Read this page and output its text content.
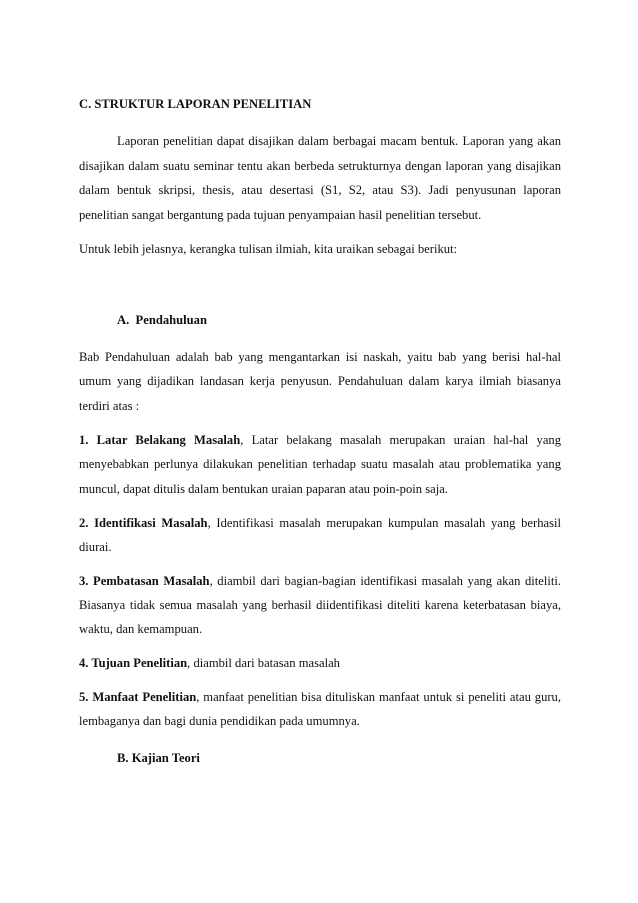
C. STRUKTUR LAPORAN PENELITIAN
Laporan penelitian dapat disajikan dalam berbagai macam bentuk. Laporan yang akan
disajikan dalam suatu seminar tentu akan berbeda setrukturnya dengan laporan yang disajikan
dalam bentuk skripsi, thesis, atau desertasi (S1, S2, atau S3). Jadi penyusunan laporan
penelitian sangat bergantung pada tujuan penyampaian hasil penelitian tersebut.
Untuk lebih jelasnya, kerangka tulisan ilmiah, kita uraikan sebagai berikut:
A. Pendahuluan
Bab Pendahuluan adalah bab yang mengantarkan isi naskah, yaitu bab yang berisi hal-hal
umum yang dijadikan landasan kerja penyusun. Pendahuluan dalam karya ilmiah biasanya
terdiri atas :
1. Latar Belakang Masalah, Latar belakang masalah merupakan uraian hal-hal yang
menyebabkan perlunya dilakukan penelitian terhadap suatu masalah atau problematika yang
muncul, dapat ditulis dalam bentukan uraian paparan atau poin-poin saja.
2. Identifikasi Masalah, Identifikasi masalah merupakan kumpulan masalah yang berhasil
diurai.
3. Pembatasan Masalah, diambil dari bagian-bagian identifikasi masalah yang akan diteliti.
Biasanya tidak semua masalah yang berhasil diidentifikasi diteliti karena keterbatasan biaya,
waktu, dan kemampuan.
4. Tujuan Penelitian, diambil dari batasan masalah
5. Manfaat Penelitian, manfaat penelitian bisa dituliskan manfaat untuk si peneliti atau guru,
lembaganya dan bagi dunia pendidikan pada umumnya.
B. Kajian Teori
